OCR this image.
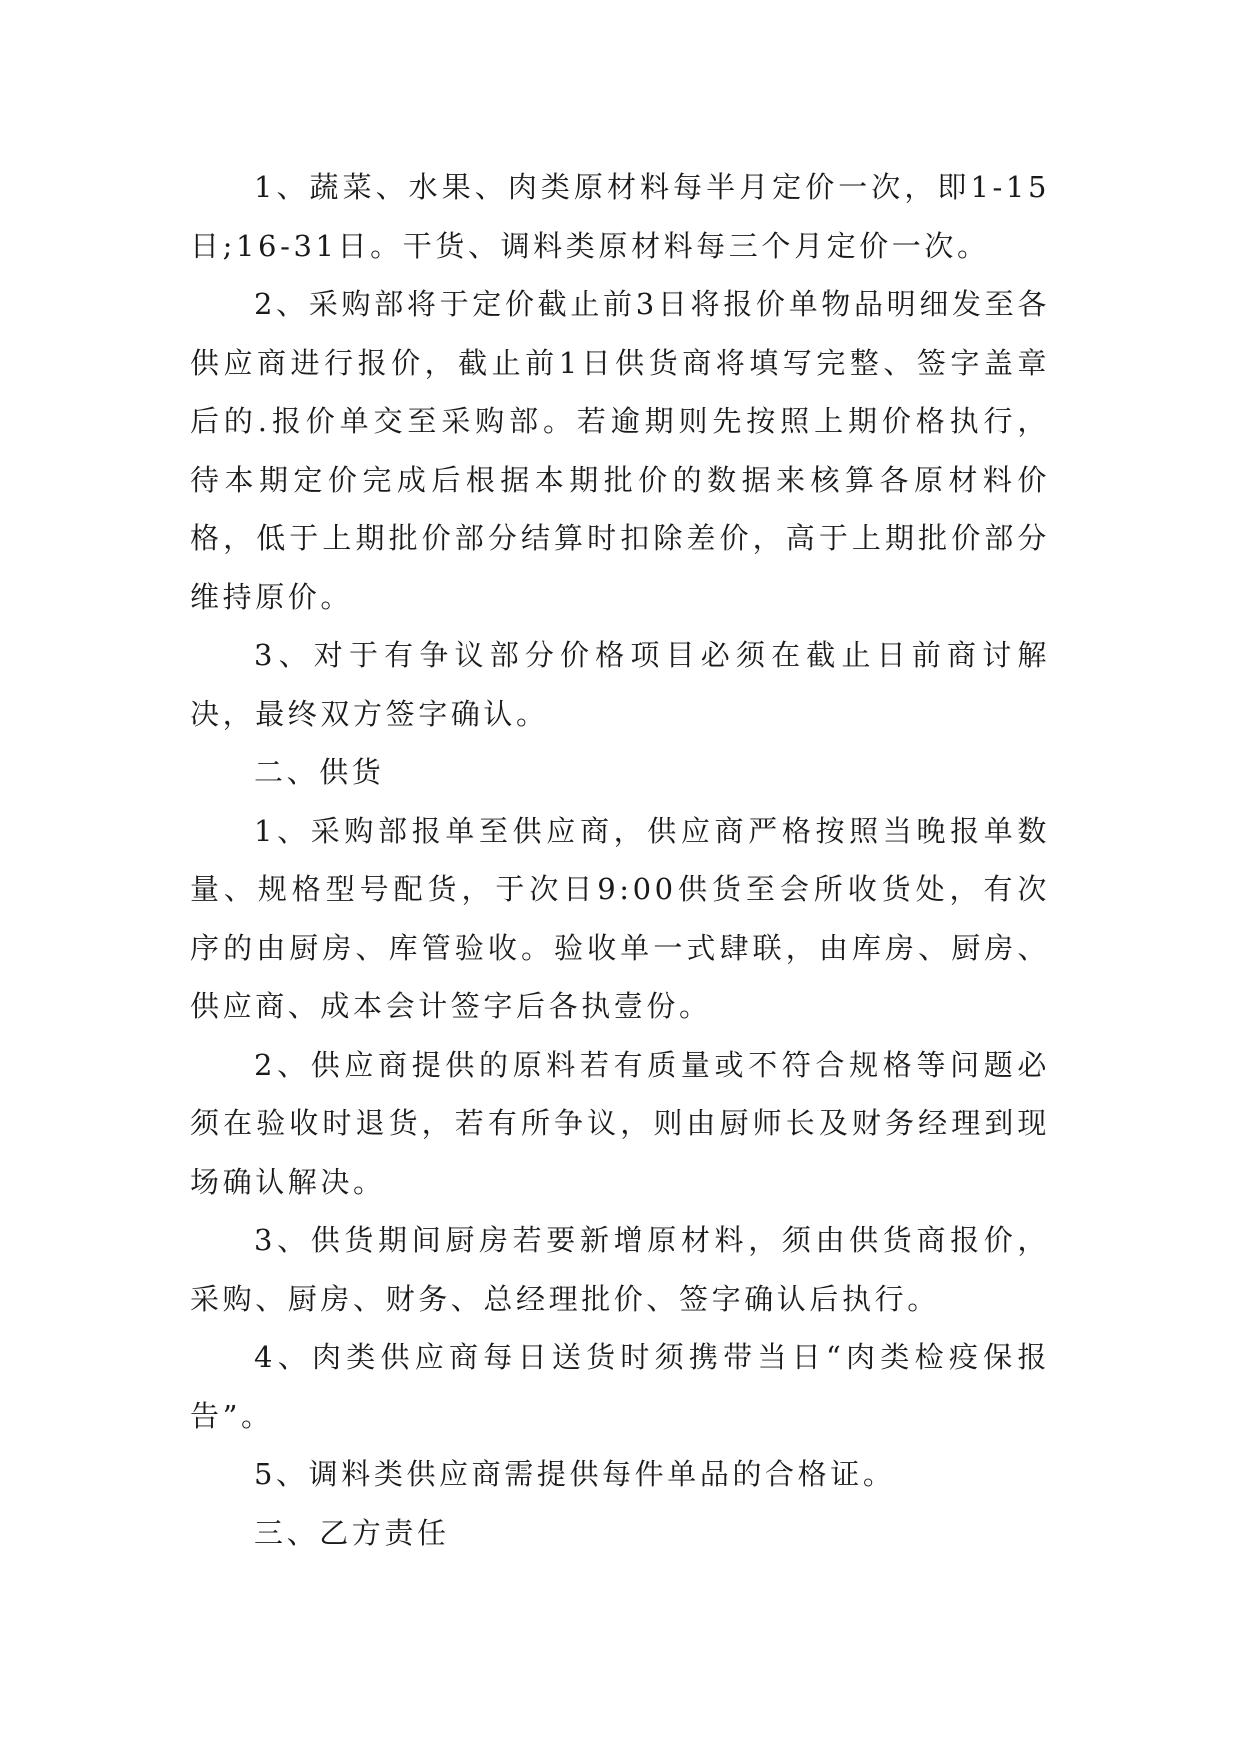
1、蔬菜、水果、肉类原材料每半月定价一次，即1-15日;16-31日。干货、调料类原材料每三个月定价一次。

2、采购部将于定价截止前3日将报价单物品明细发至各供应商进行报价，截止前1日供货商将填写完整、签字盖章后的.报价单交至采购部。若逾期则先按照上期价格执行，待本期定价完成后根据本期批价的数据来核算各原材料价格，低于上期批价部分结算时扣除差价，高于上期批价部分维持原价。

3、对于有争议部分价格项目必须在截止日前商讨解决，最终双方签字确认。

二、供货

1、采购部报单至供应商，供应商严格按照当晚报单数量、规格型号配货，于次日9:00供货至会所收货处，有次序的由厨房、库管验收。验收单一式肆联，由库房、厨房、供应商、成本会计签字后各执壹份。

2、供应商提供的原料若有质量或不符合规格等问题必须在验收时退货，若有所争议，则由厨师长及财务经理到现场确认解决。

3、供货期间厨房若要新增原材料，须由供货商报价，采购、厨房、财务、总经理批价、签字确认后执行。

4、肉类供应商每日送货时须携带当日“肉类检疫保报告”。

5、调料类供应商需提供每件单品的合格证。

三、乙方责任
